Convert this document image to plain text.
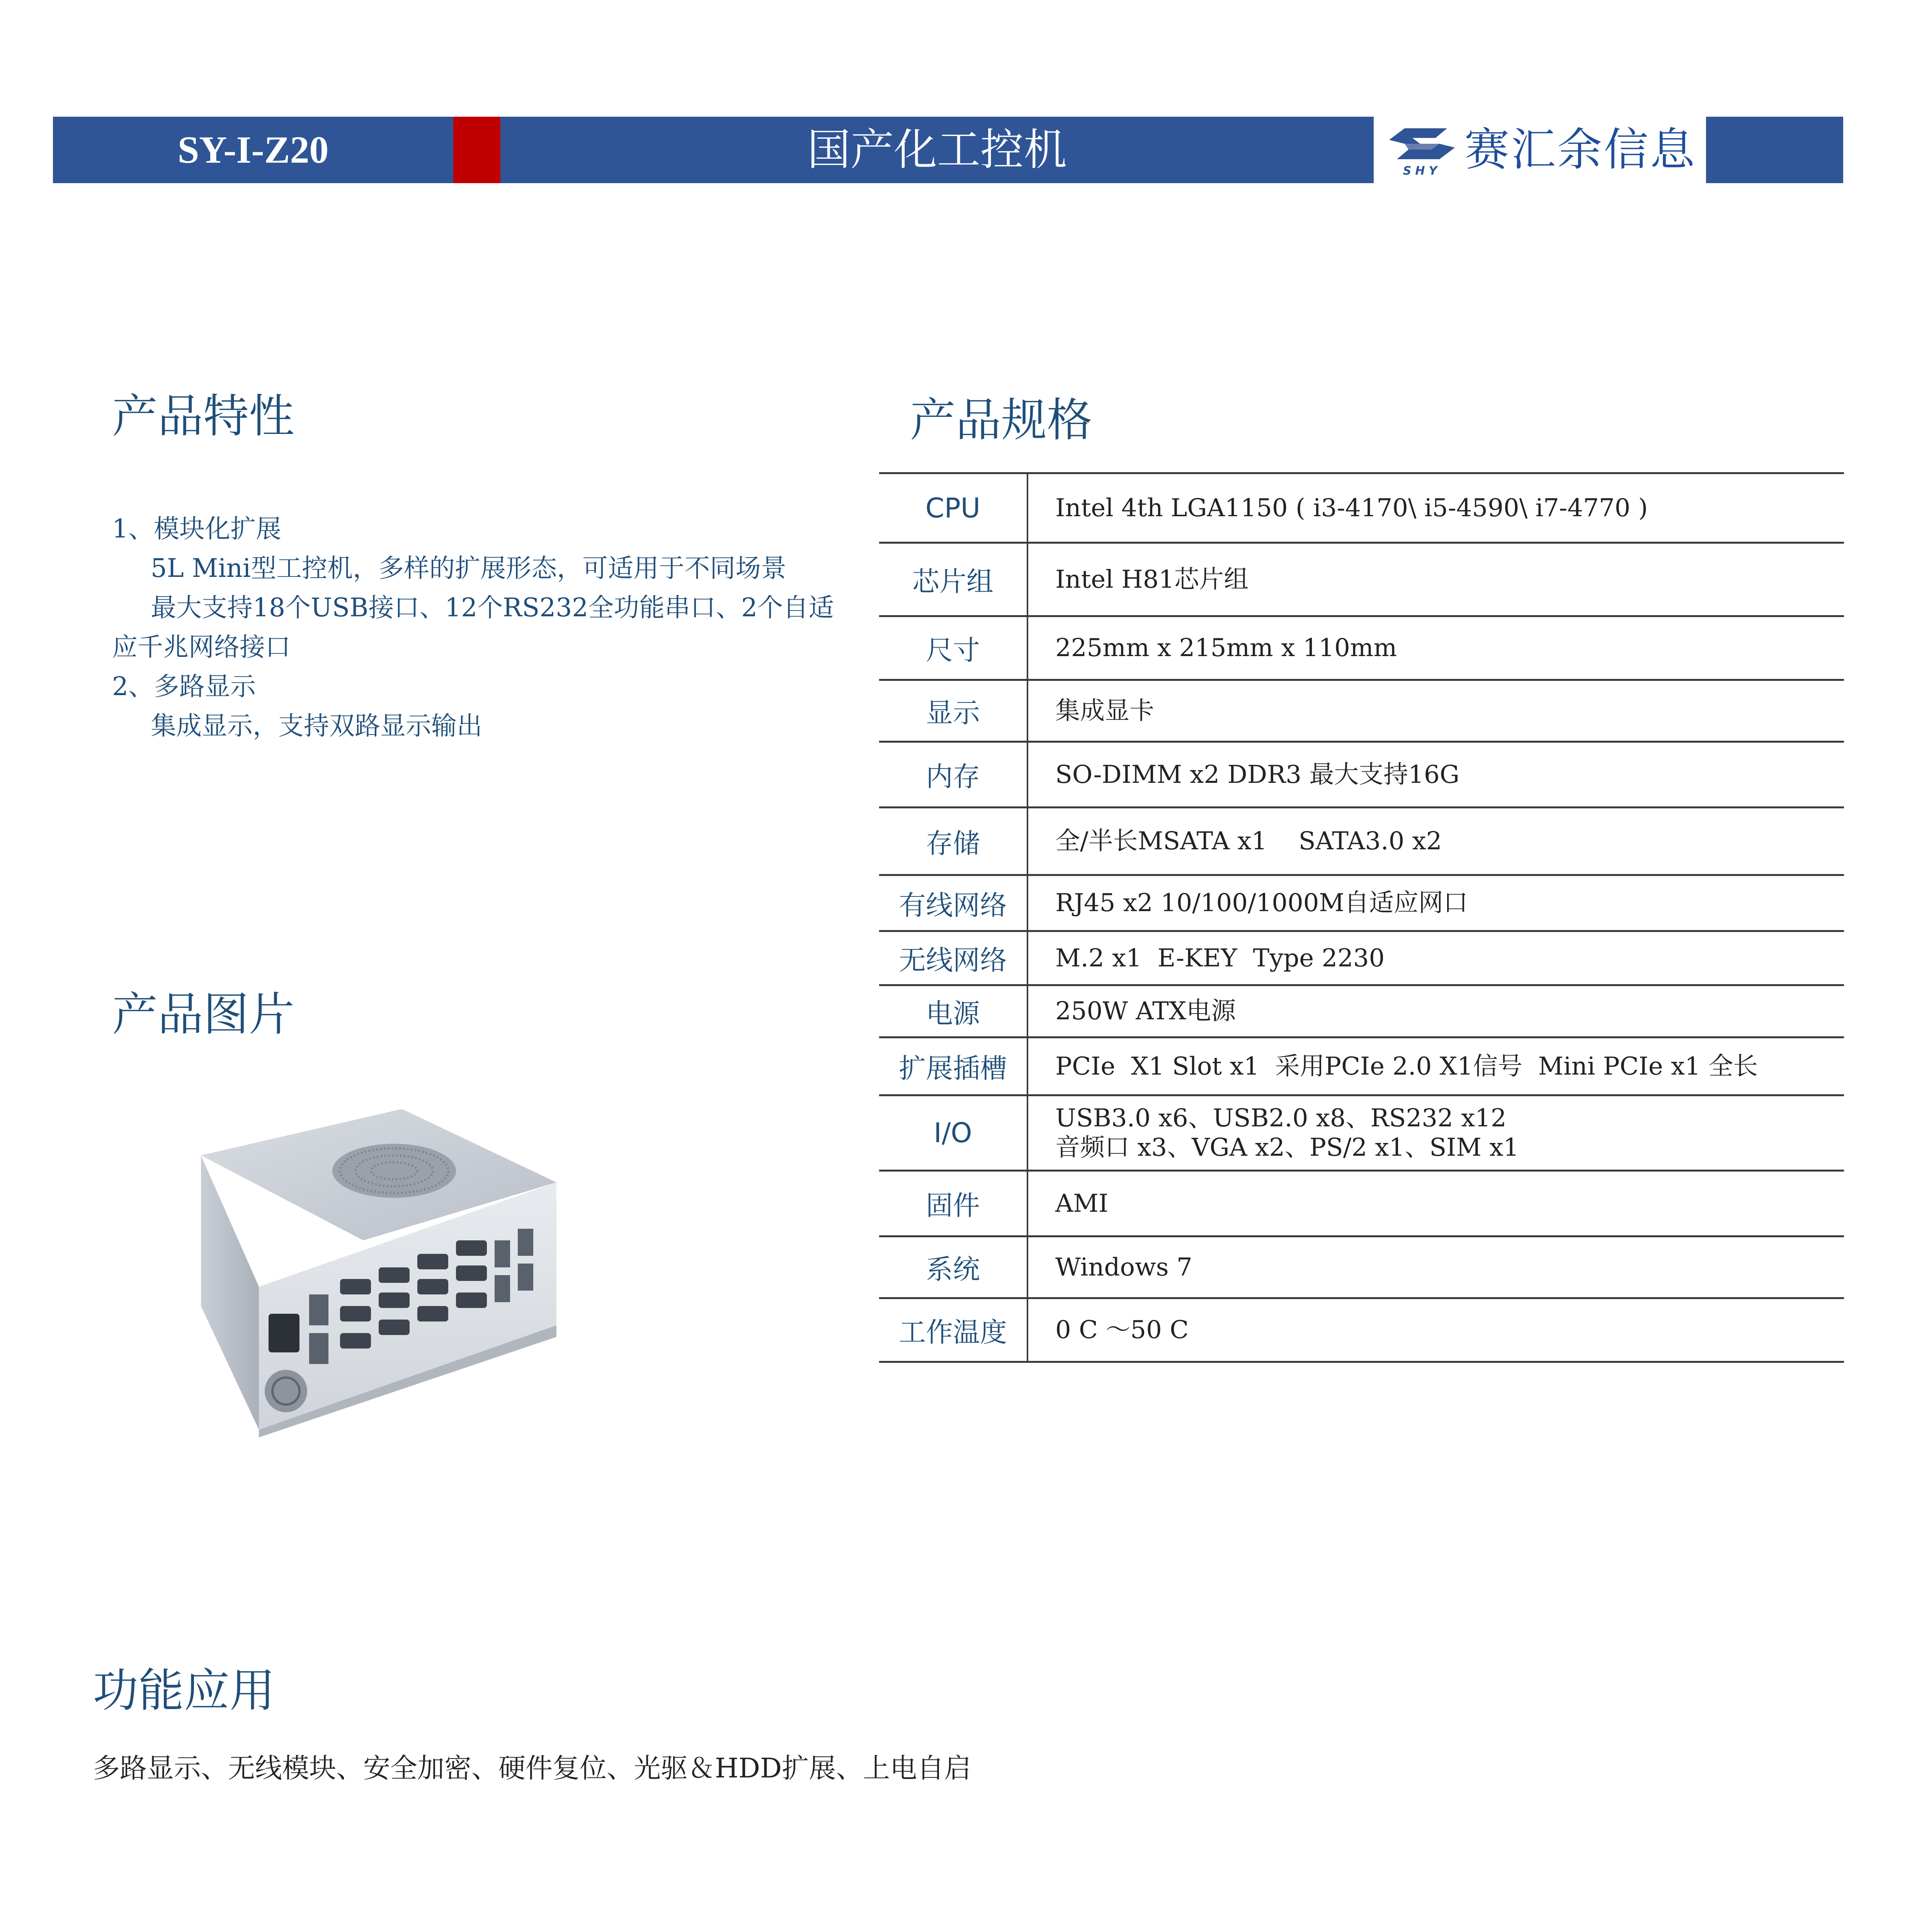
SY-I-Z20	国产化工控机	SHY 赛汇余信息
产品特性
1、模块化扩展
5L Mini型工控机，多样的扩展形态，可适用于不同场景
最大支持18个USB接口、12个RS232全功能串口、2个自适
应千兆网络接口
2、多路显示
集成显示，支持双路显示输出
产品规格
CPU	Intel 4th LGA1150 ( i3-4170\ i5-4590\ i7-4770 )

芯片组	Intel H81芯片组

尺寸	225mm x 215mm x 110mm

显示	集成显卡

内存	SO-DIMM x2 DDR3 最大支持16G

存储	全/半长MSATA x1    SATA3.0 x2

有线网络	RJ45 x2 10/100/1000M自适应网口

无线网络	M.2 x1  E-KEY  Type 2230

电源	250W ATX电源

扩展插槽	PCIe  X1 Slot x1  采用PCIe 2.0 X1信号  Mini PCIe x1 全长

I/O	USB3.0 x6、USB2.0 x8、RS232 x12
音频口 x3、VGA x2、PS/2 x1、SIM x1

固件	AMI

系统	Windows 7

工作温度	0 C ～50 C
产品图片
功能应用
多路显示、无线模块、安全加密、硬件复位、光驱＆HDD扩展、上电自启
